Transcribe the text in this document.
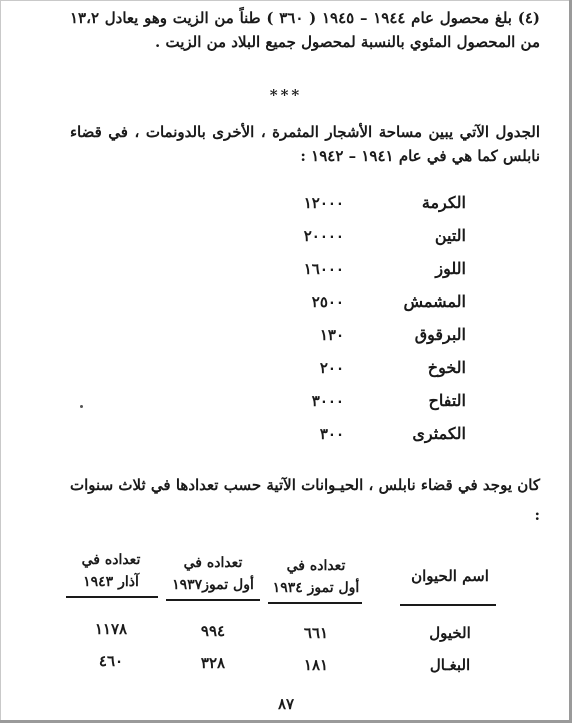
(٤) بلغ محصول عام ١٩٤٤ – ١٩٤٥ ( ٣٦٠ ) طناً من الزيت وهو يعادل ١٣،٢ من المحصول المئوي بالنسبة لمحصول جميع البلاد من الزيت .

***

الجدول الآتي يبين مساحة الأشجار المثمرة ، الأخرى بالدونمات ، في قضاء نابلس كما هي في عام ١٩٤١ – ١٩٤٢ :

الكرمة
١٢٠٠٠
التين
٢٠٠٠٠
اللوز
١٦٠٠٠
المشمش
٢٥٠٠
البرقوق
١٣٠
الخوخ
٢٠٠
التفاح
٣٠٠٠
الكمثرى
٣٠٠

كان يوجد في قضاء نابلس ، الحيـوانات الآتية حسب تعدادها في ثلاث سنوات :

اسم الحيوان
تعداده في
أول تموز ١٩٣٤
تعداده في
أول تموز١٩٣٧
تعداده في
آذار ١٩٤٣
الخيول
٦٦١
٩٩٤
١١٧٨
البغـال
١٨١
٣٢٨
٤٦٠
٨٧
